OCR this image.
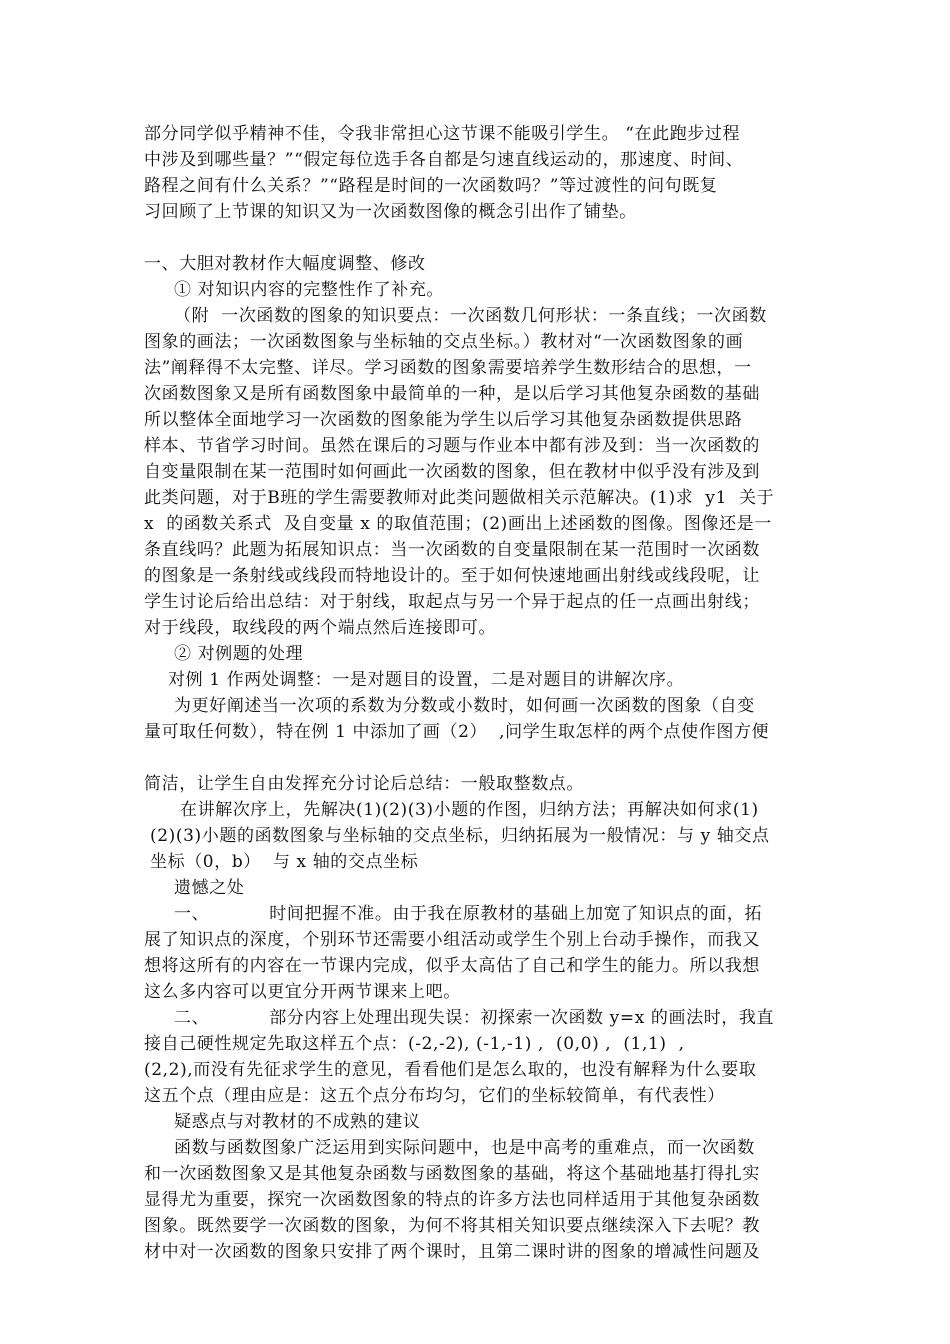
部分同学似乎精神不佳，令我非常担心这节课不能吸引学生。 “在此跑步过程
中涉及到哪些量？”“假定每位选手各自都是匀速直线运动的，那速度、时间、
路程之间有什么关系？”“路程是时间的一次函数吗？”等过渡性的问句既复
习回顾了上节课的知识又为一次函数图像的概念引出作了铺垫。
一、大胆对教材作大幅度调整、修改
① 对知识内容的完整性作了补充。
（附  一次函数的图象的知识要点：一次函数几何形状：一条直线；一次函数
图象的画法；一次函数图象与坐标轴的交点坐标。）教材对“一次函数图象的画
法”阐释得不太完整、详尽。学习函数的图象需要培养学生数形结合的思想，一
次函数图象又是所有函数图象中最简单的一种，是以后学习其他复杂函数的基础
所以整体全面地学习一次函数的图象能为学生以后学习其他复杂函数提供思路
样本、节省学习时间。虽然在课后的习题与作业本中都有涉及到：当一次函数的
自变量限制在某一范围时如何画此一次函数的图象，但在教材中似乎没有涉及到
此类问题，对于B班的学生需要教师对此类问题做相关示范解决。(1)求  y1  关于
x  的函数关系式  及自变量 x 的取值范围；(2)画出上述函数的图像。图像还是一
条直线吗？此题为拓展知识点：当一次函数的自变量限制在某一范围时一次函数
的图象是一条射线或线段而特地设计的。至于如何快速地画出射线或线段呢，让
学生讨论后给出总结：对于射线，取起点与另一个异于起点的任一点画出射线；
对于线段，取线段的两个端点然后连接即可。
② 对例题的处理
对例 1 作两处调整：一是对题目的设置，二是对题目的讲解次序。
为更好阐述当一次项的系数为分数或小数时，如何画一次函数的图象（自变
量可取任何数），特在例 1 中添加了画（2）  ,问学生取怎样的两个点使作图方便
简洁，让学生自由发挥充分讨论后总结：一般取整数点。
在讲解次序上，先解决(1)(2)(3)小题的作图，归纳方法；再解决如何求(1)
(2)(3)小题的函数图象与坐标轴的交点坐标，归纳拓展为一般情况：与 y 轴交点
坐标（0，b）  与 x 轴的交点坐标
遗憾之处
一、          时间把握不准。由于我在原教材的基础上加宽了知识点的面，拓
展了知识点的深度，个别环节还需要小组活动或学生个别上台动手操作，而我又
想将这所有的内容在一节课内完成，似乎太高估了自己和学生的能力。所以我想
这么多内容可以更宜分开两节课来上吧。
二、          部分内容上处理出现失误：初探索一次函数 y=x 的画法时，我直
接自己硬性规定先取这样五个点：(-2,-2), (-1,-1) ,  (0,0) ,  (1,1)  ,
(2,2),而没有先征求学生的意见，看看他们是怎么取的，也没有解释为什么要取
这五个点（理由应是：这五个点分布均匀，它们的坐标较简单，有代表性）
疑惑点与对教材的不成熟的建议
函数与函数图象广泛运用到实际问题中，也是中高考的重难点，而一次函数
和一次函数图象又是其他复杂函数与函数图象的基础，将这个基础地基打得扎实
显得尤为重要，探究一次函数图象的特点的许多方法也同样适用于其他复杂函数
图象。既然要学一次函数的图象，为何不将其相关知识要点继续深入下去呢？教
材中对一次函数的图象只安排了两个课时，且第二课时讲的图象的增减性问题及
